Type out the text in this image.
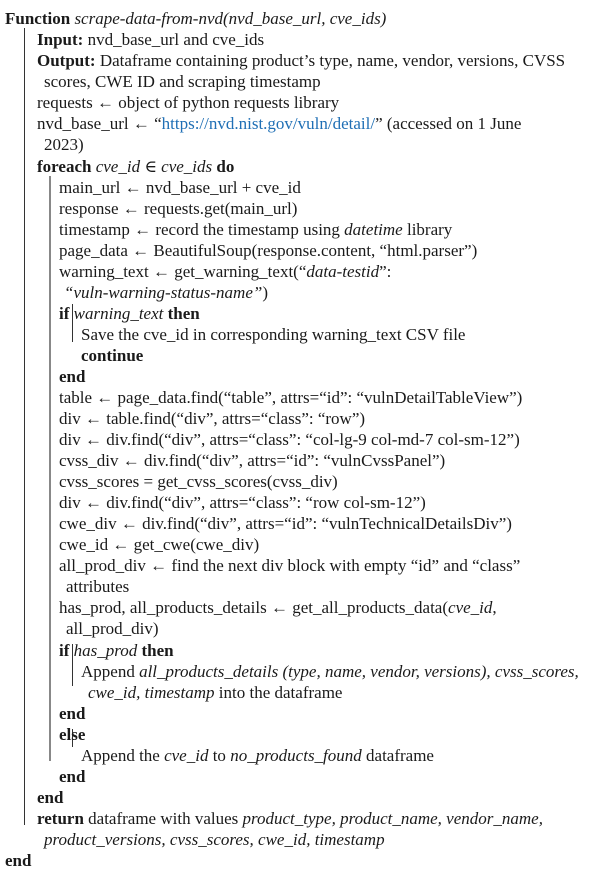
Function scrape-data-from-nvd(nvd_base_url, cve_ids)
Input: nvd_base_url and cve_ids
Output: Dataframe containing product’s type, name, vendor, versions, CVSS
scores, CWE ID and scraping timestamp
requests ← object of python requests library
nvd_base_url ← “https://nvd.nist.gov/vuln/detail/” (accessed on 1 June
2023)
foreach cve_id ∈ cve_ids do
main_url ← nvd_base_url + cve_id
response ← requests.get(main_url)
timestamp ← record the timestamp using datetime library
page_data ← BeautifulSoup(response.content, “html.parser”)
warning_text ← get_warning_text(“data-testid”:
“vuln-warning-status-name”)
if warning_text then
Save the cve_id in corresponding warning_text CSV file
continue
end
table ← page_data.find(“table”, attrs=“id”: “vulnDetailTableView”)
div ← table.find(“div”, attrs=“class”: “row”)
div ← div.find(“div”, attrs=“class”: “col-lg-9 col-md-7 col-sm-12”)
cvss_div ← div.find(“div”, attrs=“id”: “vulnCvssPanel”)
cvss_scores = get_cvss_scores(cvss_div)
div ← div.find(“div”, attrs=“class”: “row col-sm-12”)
cwe_div ← div.find(“div”, attrs=“id”: “vulnTechnicalDetailsDiv”)
cwe_id ← get_cwe(cwe_div)
all_prod_div ← find the next div block with empty “id” and “class”
attributes
has_prod, all_products_details ← get_all_products_data(cve_id,
all_prod_div)
if has_prod then
Append all_products_details (type, name, vendor, versions), cvss_scores,
cwe_id, timestamp into the dataframe
end
else
Append the cve_id to no_products_found dataframe
end
end
return dataframe with values product_type, product_name, vendor_name,
product_versions, cvss_scores, cwe_id, timestamp
end
